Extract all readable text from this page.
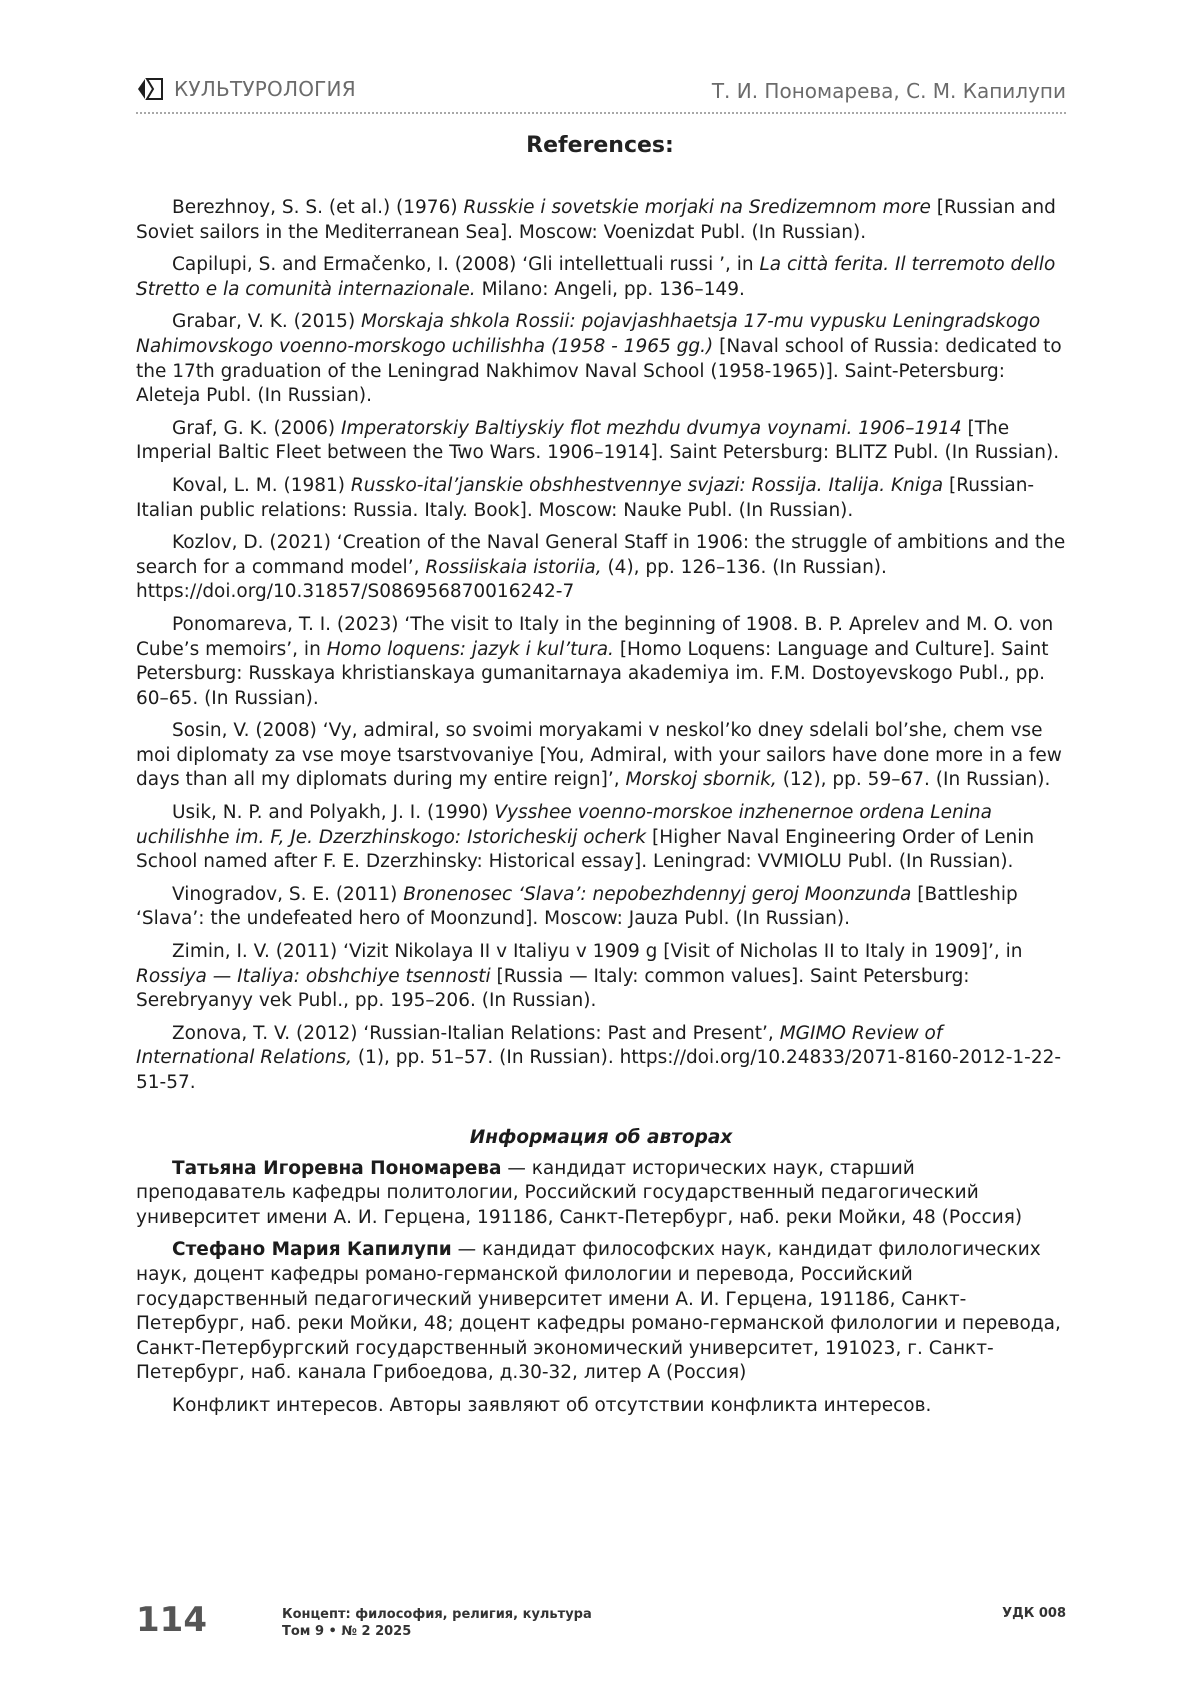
КУЛЬТУРОЛОГИЯ	Т. И. Пономарева, С. М. Капилупи
References:

Berezhnoy, S. S. (et al.) (1976) Russkie i sovetskie morjaki na Sredizemnom more [Russian and Soviet sailors in the Mediterranean Sea]. Moscow: Voenizdat Publ. (In Russian).

Capilupi, S. and Ermačenko, I. (2008) ‘Gli intellettuali russi ’, in La città ferita. Il terremoto dello Stretto e la comunità internazionale. Milano: Angeli, pp. 136–149.

Grabar, V. K. (2015) Morskaja shkola Rossii: pojavjashhaetsja 17-mu vypusku Leningradskogo Nahimovskogo voenno-morskogo uchilishha (1958 - 1965 gg.) [Naval school of Russia: dedicated to the 17th graduation of the Leningrad Nakhimov Naval School (1958-1965)]. Saint-Petersburg: Aleteja Publ. (In Russian).

Graf, G. K. (2006) Imperatorskiy Baltiyskiy flot mezhdu dvumya voynami. 1906–1914 [The Imperial Baltic Fleet between the Two Wars. 1906–1914]. Saint Petersburg: BLITZ Publ. (In Russian).

Koval, L. M. (1981) Russko-ital’janskie obshhestvennye svjazi: Rossija. Italija. Kniga [Russian-Italian public relations: Russia. Italy. Book]. Moscow: Nauke Publ. (In Russian).

Kozlov, D. (2021) ‘Creation of the Naval General Staff in 1906: the struggle of ambitions and the search for a command model’, Rossiiskaia istoriia, (4), pp. 126–136. (In Russian). https://doi.org/10.31857/S086956870016242-7

Ponomareva, T. I. (2023) ‘The visit to Italy in the beginning of 1908. B. P. Aprelev and M. O. von Cube’s memoirs’, in Homo loquens: jazyk i kul’tura. [Homo Loquens: Language and Culture]. Saint Petersburg: Russkaya khristianskaya gumanitarnaya akademiya im. F.M. Dostoyevskogo Publ., pp. 60–65. (In Russian).

Sosin, V. (2008) ‘Vy, admiral, so svoimi moryakami v neskol’ko dney sdelali bol’she, chem vse moi diplomaty za vse moye tsarstvovaniye [You, Admiral, with your sailors have done more in a few days than all my diplomats during my entire reign]’, Morskoj sbornik, (12), pp. 59–67. (In Russian).

Usik, N. P. and Polyakh, J. I. (1990) Vysshee voenno-morskoe inzhenernoe ordena Lenina uchilishhe im. F, Je. Dzerzhinskogo: Istoricheskij ocherk [Higher Naval Engineering Order of Lenin School named after F. E. Dzerzhinsky: Historical essay]. Leningrad: VVMIOLU Publ. (In Russian).

Vinogradov, S. E. (2011) Bronenosec ‘Slava’: nepobezhdennyj geroj Moonzunda [Battleship ‘Slava’: the undefeated hero of Moonzund]. Moscow: Jauza Publ. (In Russian).

Zimin, I. V. (2011) ‘Vizit Nikolaya II v Italiyu v 1909 g [Visit of Nicholas II to Italy in 1909]’, in Rossiya — Italiya: obshchiye tsennosti [Russia — Italy: common values]. Saint Petersburg: Serebryanyy vek Publ., pp. 195–206. (In Russian).

Zonova, T. V. (2012) ‘Russian-Italian Relations: Past and Present’, MGIMO Review of International Relations, (1), pp. 51–57. (In Russian). https://doi.org/10.24833/2071-8160-2012-1-22-51-57.

Информация об авторах

Татьяна Игоревна Пономарева — кандидат исторических наук, старший преподаватель кафедры политологии, Российский государственный педагогический университет имени А. И. Герцена, 191186, Санкт-Петербург, наб. реки Мойки, 48 (Россия)

Стефано Мария Капилупи — кандидат философских наук, кандидат филологических наук, доцент кафедры романо-германской филологии и перевода, Российский государственный педагогический университет имени А. И. Герцена, 191186, Санкт-Петербург, наб. реки Мойки, 48; доцент кафедры романо-германской филологии и перевода, Санкт-Петербургский государственный экономический университет, 191023, г. Санкт-Петербург, наб. канала Грибоедова, д.30-32, литер А (Россия)

Конфликт интересов. Авторы заявляют об отсутствии конфликта интересов.

114	Концепт: философия, религия, культура
Том 9 • № 2 2025
УДК 008
